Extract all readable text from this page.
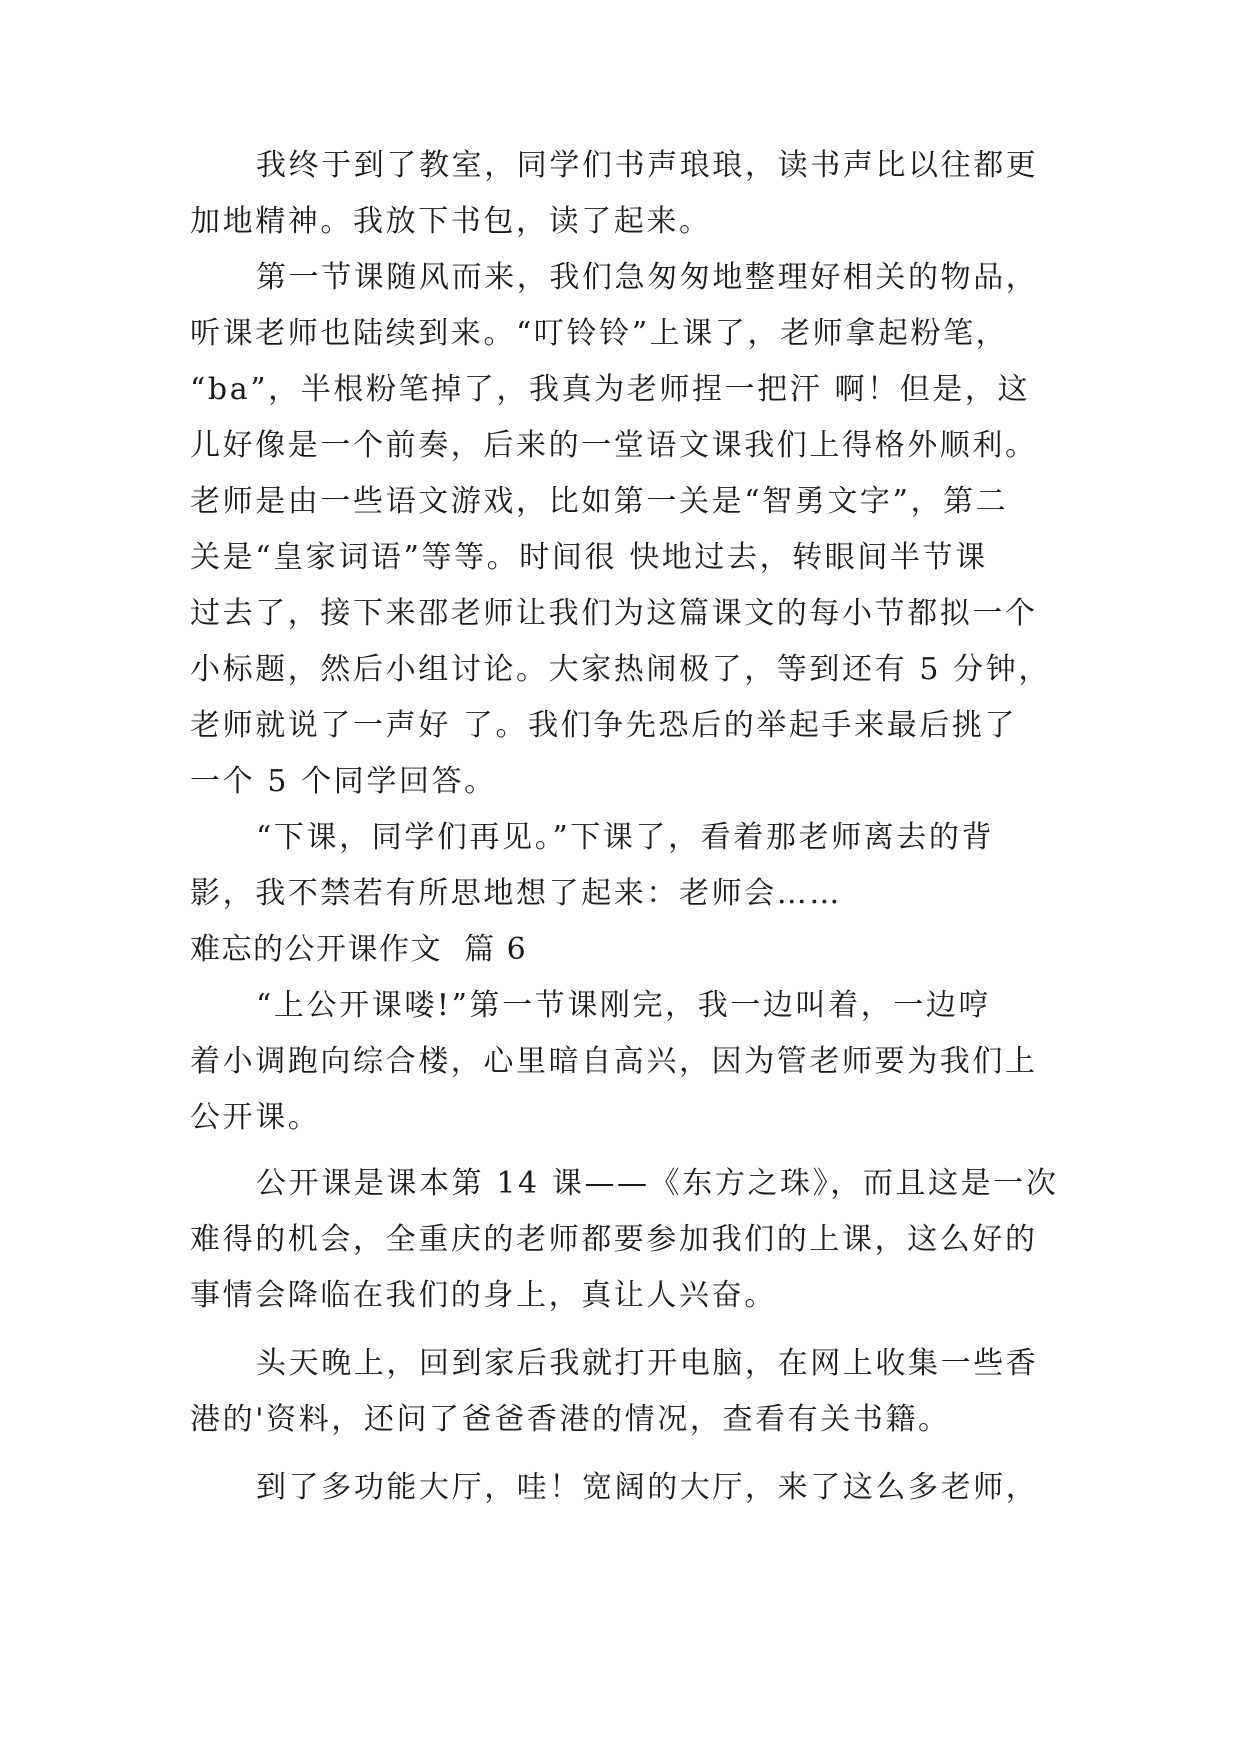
我终于到了教室，同学们书声琅琅，读书声比以往都更

加地精神。我放下书包，读了起来。

第一节课随风而来，我们急匆匆地整理好相关的物品，

听课老师也陆续到来。“叮铃铃”上课了，老师拿起粉笔，

“ba”，半根粉笔掉了，我真为老师捏一把汗 啊！但是，这

儿好像是一个前奏，后来的一堂语文课我们上得格外顺利。

老师是由一些语文游戏，比如第一关是“智勇文字”，第二

关是“皇家词语”等等。时间很 快地过去，转眼间半节课

过去了，接下来邵老师让我们为这篇课文的每小节都拟一个

小标题，然后小组讨论。大家热闹极了，等到还有 5 分钟，

老师就说了一声好 了。我们争先恐后的举起手来最后挑了

一个 5 个同学回答。

“下课，同学们再见。”下课了，看着那老师离去的背

影，我不禁若有所思地想了起来：老师会……

难忘的公开课作文  篇 6

“上公开课喽!”第一节课刚完，我一边叫着，一边哼

着小调跑向综合楼，心里暗自高兴，因为管老师要为我们上

公开课。

公开课是课本第 14 课——《东方之珠》，而且这是一次

难得的机会，全重庆的老师都要参加我们的上课，这么好的

事情会降临在我们的身上，真让人兴奋。

头天晚上，回到家后我就打开电脑，在网上收集一些香

港的'资料，还问了爸爸香港的情况，查看有关书籍。

到了多功能大厅，哇！宽阔的大厅，来了这么多老师，
